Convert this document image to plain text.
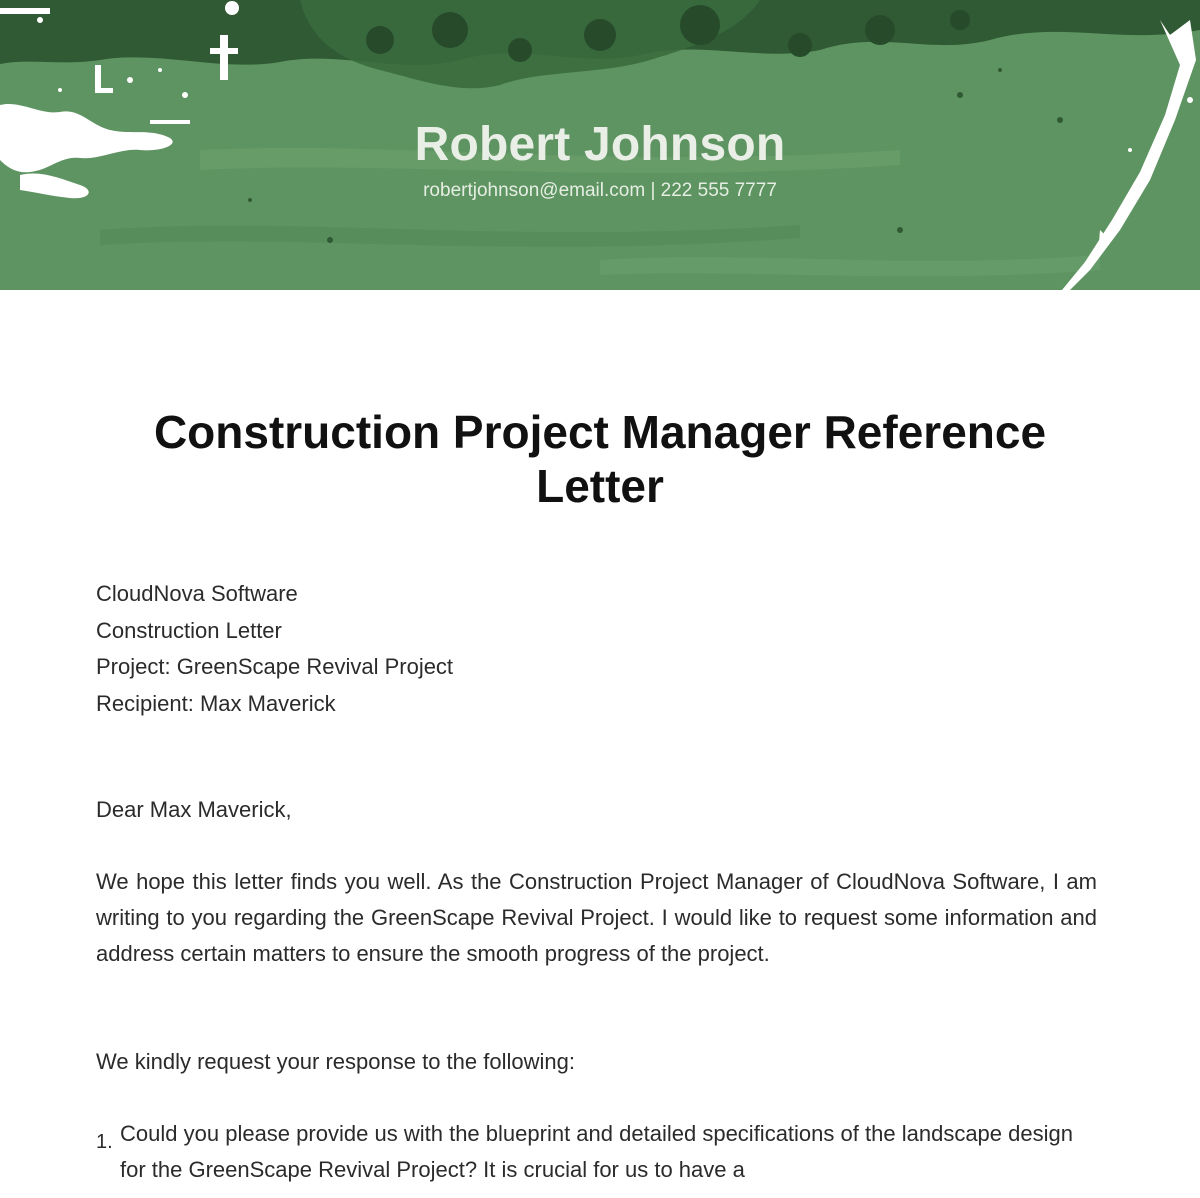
Robert Johnson
robertjohnson@email.com | 222 555 7777
Construction Project Manager Reference Letter
CloudNova Software
Construction Letter
Project: GreenScape Revival Project
Recipient: Max Maverick
Dear Max Maverick,
We hope this letter finds you well. As the Construction Project Manager of CloudNova Software, I am writing to you regarding the GreenScape Revival Project. I would like to request some information and address certain matters to ensure the smooth progress of the project.
We kindly request your response to the following:
1. Could you please provide us with the blueprint and detailed specifications of the landscape design for the GreenScape Revival Project? It is crucial for us to have a
